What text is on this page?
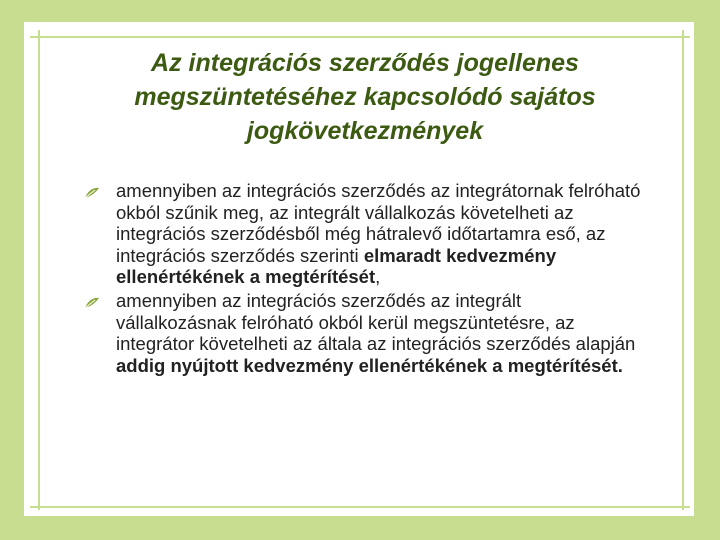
Az integrációs szerződés jogellenes megszüntetéséhez kapcsolódó sajátos jogkövetkezmények
amennyiben az integrációs szerződés az integrátornak felróható okból szűnik meg, az integrált vállalkozás követelheti az integrációs szerződésből még hátralevő időtartamra eső, az integrációs szerződés szerinti elmaradt kedvezmény ellenértékének a megtérítését,
amennyiben az integrációs szerződés az integrált vállalkozásnak felróható okból kerül megszüntetésre, az integrátor követelheti az általa az integrációs szerződés alapján addig nyújtott kedvezmény ellenértékének a megtérítését.
